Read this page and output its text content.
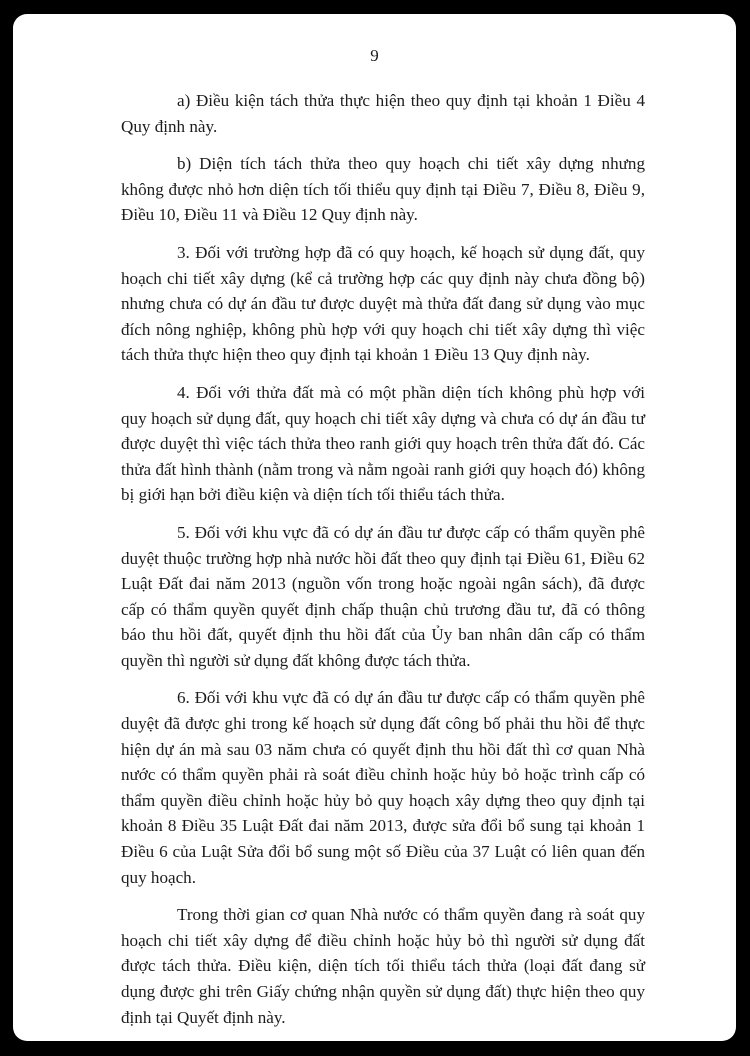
9

a) Điều kiện tách thửa thực hiện theo quy định tại khoản 1 Điều 4 Quy định này.

b) Diện tích tách thửa theo quy hoạch chi tiết xây dựng nhưng không được nhỏ hơn diện tích tối thiểu quy định tại Điều 7, Điều 8, Điều 9, Điều 10, Điều 11 và Điều 12 Quy định này.

3. Đối với trường hợp đã có quy hoạch, kế hoạch sử dụng đất, quy hoạch chi tiết xây dựng (kể cả trường hợp các quy định này chưa đồng bộ) nhưng chưa có dự án đầu tư được duyệt mà thửa đất đang sử dụng vào mục đích nông nghiệp, không phù hợp với quy hoạch chi tiết xây dựng thì việc tách thửa thực hiện theo quy định tại khoản 1 Điều 13 Quy định này.

4. Đối với thửa đất mà có một phần diện tích không phù hợp với quy hoạch sử dụng đất, quy hoạch chi tiết xây dựng và chưa có dự án đầu tư được duyệt thì việc tách thửa theo ranh giới quy hoạch trên thửa đất đó. Các thửa đất hình thành (nằm trong và nằm ngoài ranh giới quy hoạch đó) không bị giới hạn bởi điều kiện và diện tích tối thiểu tách thửa.

5. Đối với khu vực đã có dự án đầu tư được cấp có thẩm quyền phê duyệt thuộc trường hợp nhà nước hồi đất theo quy định tại Điều 61, Điều 62 Luật Đất đai năm 2013 (nguồn vốn trong hoặc ngoài ngân sách), đã được cấp có thẩm quyền quyết định chấp thuận chủ trương đầu tư, đã có thông báo thu hồi đất, quyết định thu hồi đất của Ủy ban nhân dân cấp có thẩm quyền thì người sử dụng đất không được tách thửa.

6. Đối với khu vực đã có dự án đầu tư được cấp có thẩm quyền phê duyệt đã được ghi trong kế hoạch sử dụng đất công bố phải thu hồi để thực hiện dự án mà sau 03 năm chưa có quyết định thu hồi đất thì cơ quan Nhà nước có thẩm quyền phải rà soát điều chỉnh hoặc hủy bỏ hoặc trình cấp có thẩm quyền điều chỉnh hoặc hủy bỏ quy hoạch xây dựng theo quy định tại khoản 8 Điều 35 Luật Đất đai năm 2013, được sửa đổi bổ sung tại khoản 1 Điều 6 của Luật Sửa đổi bổ sung một số Điều của 37 Luật có liên quan đến quy hoạch.

Trong thời gian cơ quan Nhà nước có thẩm quyền đang rà soát quy hoạch chi tiết xây dựng để điều chỉnh hoặc hủy bỏ thì người sử dụng đất được tách thửa. Điều kiện, diện tích tối thiểu tách thửa (loại đất đang sử dụng được ghi trên Giấy chứng nhận quyền sử dụng đất) thực hiện theo quy định tại Quyết định này.
